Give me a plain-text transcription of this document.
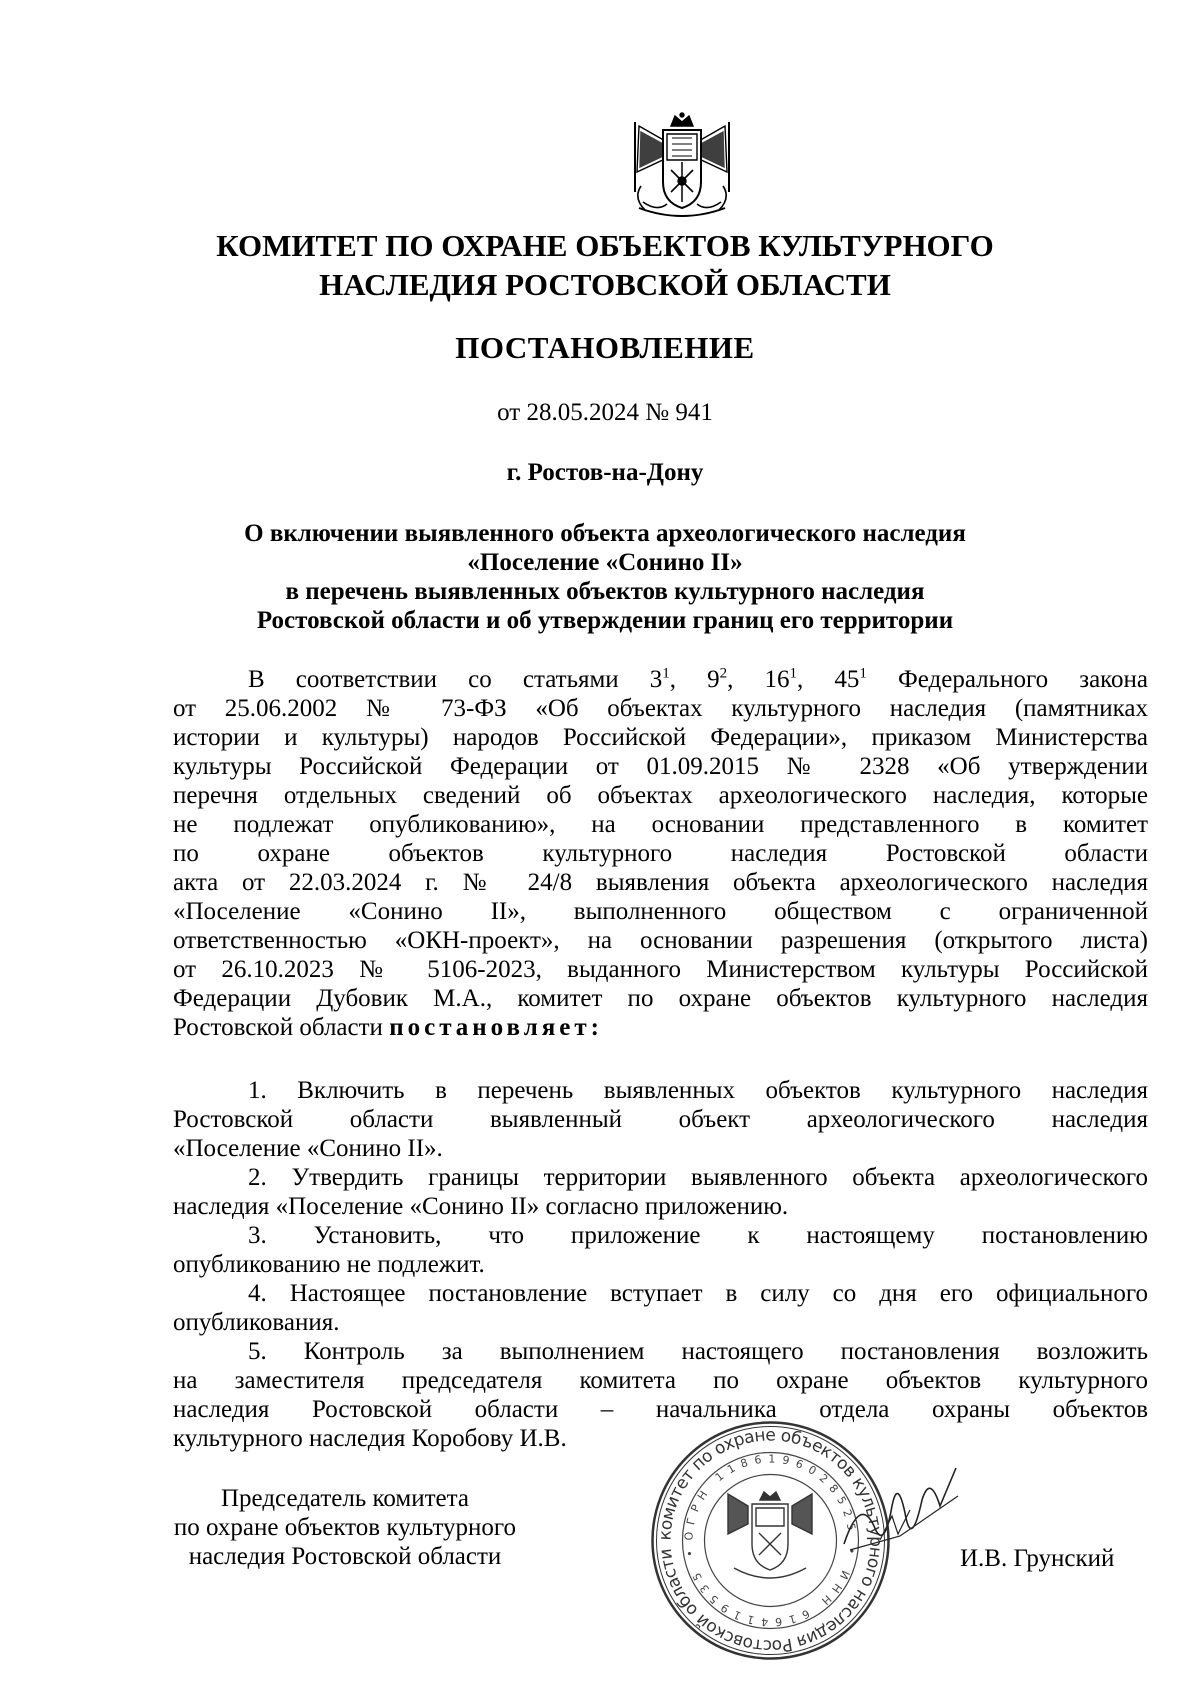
КОМИТЕТ ПО ОХРАНЕ ОБЪЕКТОВ КУЛЬТУРНОГО
НАСЛЕДИЯ РОСТОВСКОЙ ОБЛАСТИ
ПОСТАНОВЛЕНИЕ
от 28.05.2024 № 941
г. Ростов-на-Дону
О включении выявленного объекта археологического наследия
«Поселение «Сонино II»
в перечень выявленных объектов культурного наследия
Ростовской области и об утверждении границ его территории
В соответствии со статьями $3^1$, $9^2$, $16^1$, $45^1$ Федерального закона
от 25.06.2002 № 73-ФЗ «Об объектах культурного наследия (памятниках
истории и культуры) народов Российской Федерации», приказом Министерства
культуры Российской Федерации от 01.09.2015 № 2328 «Об утверждении
перечня отдельных сведений об объектах археологического наследия, которые
не подлежат опубликованию», на основании представленного в комитет
по охране объектов культурного наследия Ростовской области
акта от 22.03.2024 г. № 24/8 выявления объекта археологического наследия
«Поселение «Сонино II», выполненного обществом с ограниченной
ответственностью «ОКН-проект», на основании разрешения (открытого листа)
от 26.10.2023 № 5106-2023, выданного Министерством культуры Российской
Федерации Дубовик М.А., комитет по охране объектов культурного наследия
Ростовской области постановляет:
1. Включить в перечень выявленных объектов культурного наследия
Ростовской области выявленный объект археологического наследия
«Поселение «Сонино II».
2. Утвердить границы территории выявленного объекта археологического
наследия «Поселение «Сонино II» согласно приложению.
3. Установить, что приложение к настоящему постановлению
опубликованию не подлежит.
4. Настоящее постановление вступает в силу со дня его официального
опубликования.
5. Контроль за выполнением настоящего постановления возложить
на заместителя председателя комитета по охране объектов культурного
наследия Ростовской области – начальника отдела охраны объектов
культурного наследия Коробову И.В.
Председатель комитета
по охране объектов культурного
наследия Ростовской области
комитет по охране объектов культурного наследия Ростовской области
ОГРН 1186196028525 • ИНН 6164119535 •	И.В. Грунский
